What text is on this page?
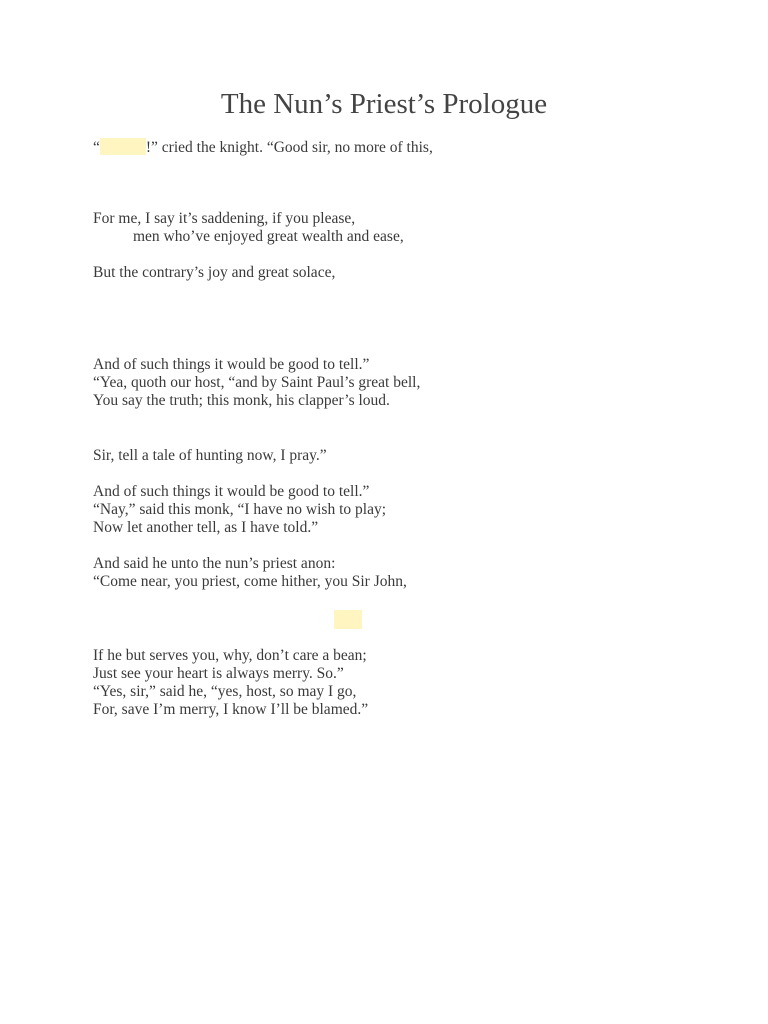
The Nun’s Priest’s Prologue
“	!” cried the knight. “Good sir, no more of this,
For me, I say it’s saddening, if you please,
men who’ve enjoyed great wealth and ease,
But the contrary’s joy and great solace,
And of such things it would be good to tell.”
“Yea, quoth our host, “and by Saint Paul’s great bell,
You say the truth; this monk, his clapper’s loud.
Sir, tell a tale of hunting now, I pray.”
And of such things it would be good to tell.”
“Nay,” said this monk, “I have no wish to play;
Now let another tell, as I have told.”
And said he unto the nun’s priest anon:
“Come near, you priest, come hither, you Sir John,
If he but serves you, why, don’t care a bean;
Just see your heart is always merry. So.”
“Yes, sir,” said he, “yes, host, so may I go,
For, save I’m merry, I know I’ll be blamed.”
